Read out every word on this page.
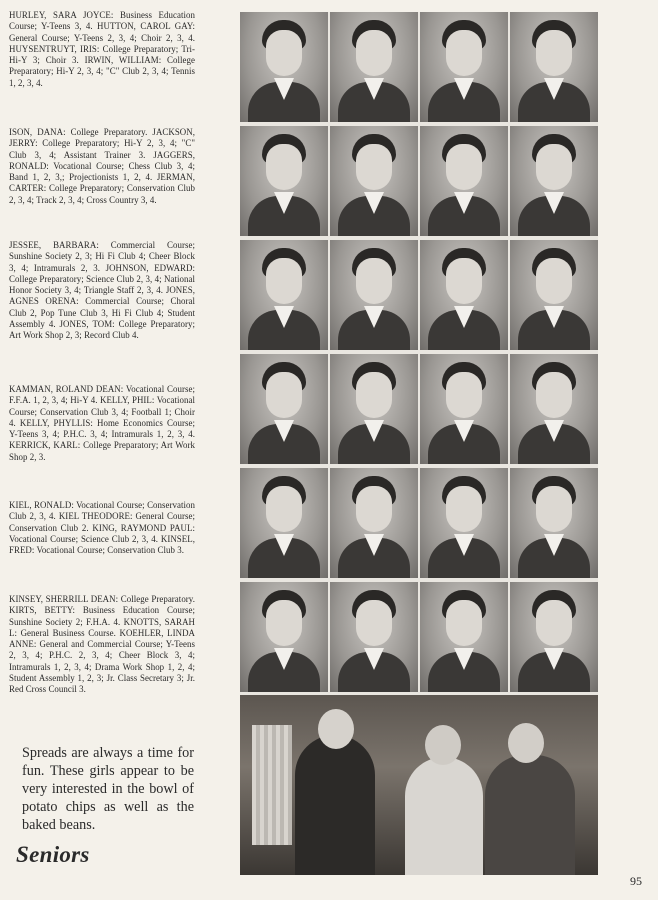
HURLEY, SARA JOYCE: Business Education Course; Y-Teens 3, 4. HUTTON, CAROL GAY: General Course; Y-Teens 2, 3, 4; Choir 2, 3, 4. HUYSENTRUYT, IRIS: College Preparatory; Tri-Hi-Y 3; Choir 3. IRWIN, WILLIAM: College Preparatory; Hi-Y 2, 3, 4; "C" Club 2, 3, 4; Tennis 1, 2, 3, 4.
ISON, DANA: College Preparatory. JACKSON, JERRY: College Preparatory; Hi-Y 2, 3, 4; "C" Club 3, 4; Assistant Trainer 3. JAGGERS, RONALD: Vocational Course; Chess Club 3, 4; Band 1, 2, 3,; Projectionists 1, 2, 4. JERMAN, CARTER: College Preparatory; Conservation Club 2, 3, 4; Track 2, 3, 4; Cross Country 3, 4.
JESSEE, BARBARA: Commercial Course; Sunshine Society 2, 3; Hi Fi Club 4; Cheer Block 3, 4; Intramurals 2, 3. JOHNSON, EDWARD: College Preparatory; Science Club 2, 3, 4; National Honor Society 3, 4; Triangle Staff 2, 3, 4. JONES, AGNES ORENA: Commercial Course; Choral Club 2, Pop Tune Club 3, Hi Fi Club 4; Student Assembly 4. JONES, TOM: College Preparatory; Art Work Shop 2, 3; Record Club 4.
KAMMAN, ROLAND DEAN: Vocational Course; F.F.A. 1, 2, 3, 4; Hi-Y 4. KELLY, PHIL: Vocational Course; Conservation Club 3, 4; Football 1; Choir 4. KELLY, PHYLLIS: Home Economics Course; Y-Teens 3, 4; P.H.C. 3, 4; Intramurals 1, 2, 3, 4. KERRICK, KARL: College Preparatory; Art Work Shop 2, 3.
KIEL, RONALD: Vocational Course; Conservation Club 2, 3, 4. KIEL THEODORE: General Course; Conservation Club 2. KING, RAYMOND PAUL: Vocational Course; Science Club 2, 3, 4. KINSEL, FRED: Vocational Course; Conservation Club 3.
KINSEY, SHERRILL DEAN: College Preparatory. KIRTS, BETTY: Business Education Course; Sunshine Society 2; F.H.A. 4. KNOTTS, SARAH L: General Business Course. KOEHLER, LINDA ANNE: General and Commercial Course; Y-Teens 2, 3, 4; P.H.C. 2, 3, 4; Cheer Block 3, 4; Intramurals 1, 2, 3, 4; Drama Work Shop 1, 2, 4; Student Assembly 1, 2, 3; Jr. Class Secretary 3; Jr. Red Cross Council 3.
Spreads are always a time for fun. These girls appear to be very interested in the bowl of potato chips as well as the baked beans.
Seniors
95
